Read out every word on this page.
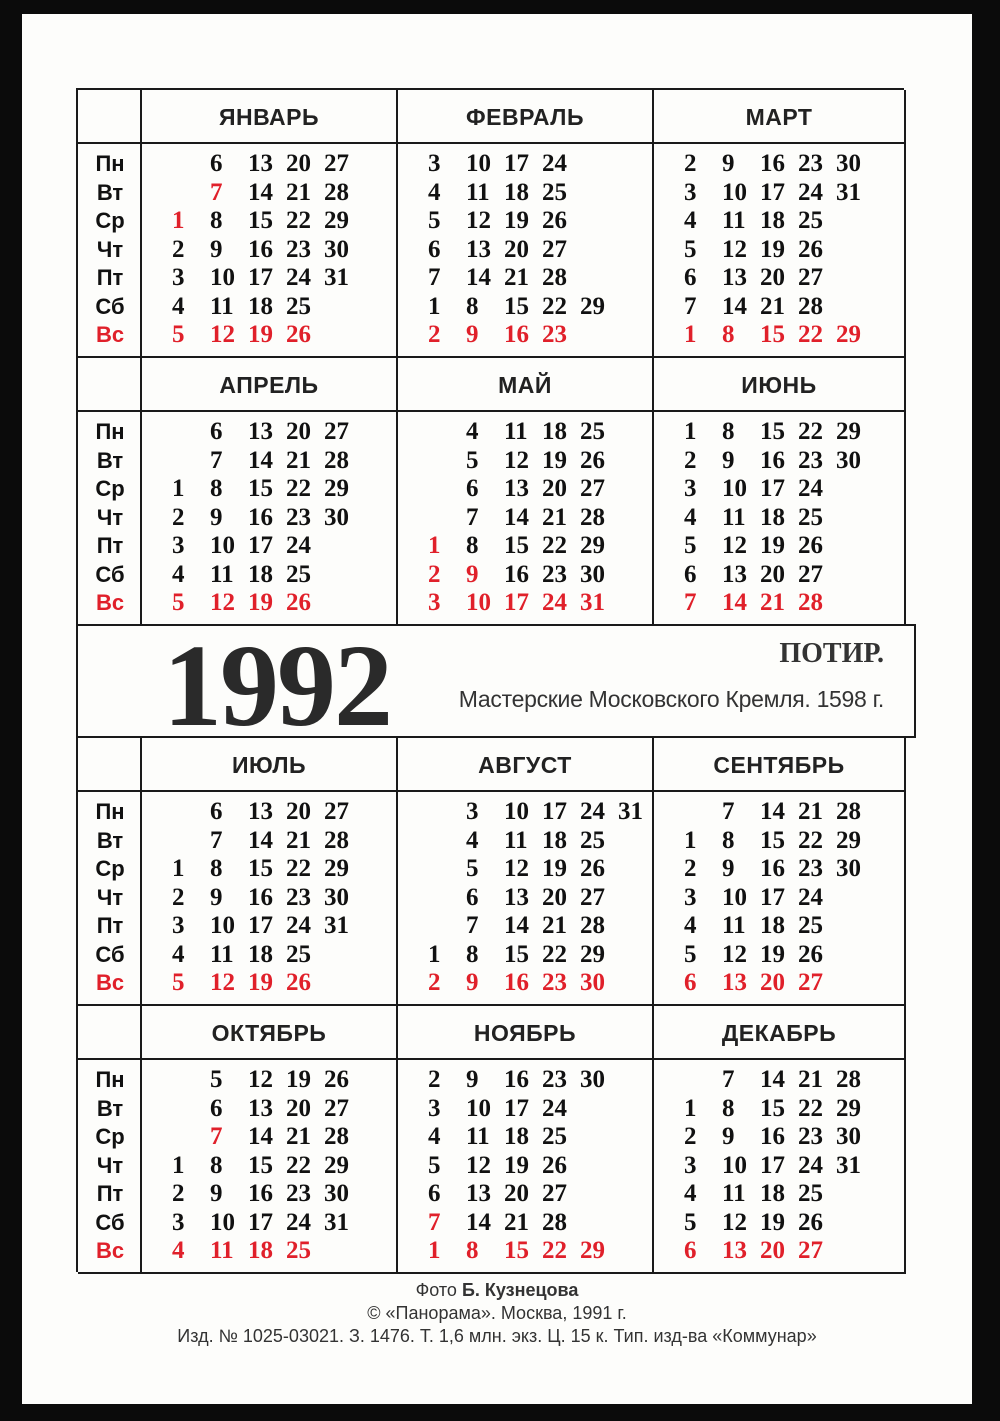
Пн
Вт
Ср
Чт
Пт
Сб
Вс
ЯНВАРЬ
6 13 20 27
7 14 21 28
1 8 15 22 29
2 9 16 23 30
3 10 17 24 31
4 11 18 25
5 12 19 26
ФЕВРАЛЬ
3 10 17 24
4 11 18 25
5 12 19 26
6 13 20 27
7 14 21 28
1 8 15 22 29
2 9 16 23
МАРТ
2 9 16 23 30
3 10 17 24 31
4 11 18 25
5 12 19 26
6 13 20 27
7 14 21 28
1 8 15 22 29
Пн
Вт
Ср
Чт
Пт
Сб
Вс
АПРЕЛЬ
6 13 20 27
7 14 21 28
1 8 15 22 29
2 9 16 23 30
3 10 17 24
4 11 18 25
5 12 19 26
МАЙ
4 11 18 25
5 12 19 26
6 13 20 27
7 14 21 28
1 8 15 22 29
2 9 16 23 30
3 10 17 24 31
ИЮНЬ
1 8 15 22 29
2 9 16 23 30
3 10 17 24
4 11 18 25
5 12 19 26
6 13 20 27
7 14 21 28
Пн
Вт
Ср
Чт
Пт
Сб
Вс
ИЮЛЬ
6 13 20 27
7 14 21 28
1 8 15 22 29
2 9 16 23 30
3 10 17 24 31
4 11 18 25
5 12 19 26
АВГУСТ
3 10 17 24 31
4 11 18 25
5 12 19 26
6 13 20 27
7 14 21 28
1 8 15 22 29
2 9 16 23 30
СЕНТЯБРЬ
7 14 21 28
1 8 15 22 29
2 9 16 23 30
3 10 17 24
4 11 18 25
5 12 19 26
6 13 20 27
Пн
Вт
Ср
Чт
Пт
Сб
Вс
ОКТЯБРЬ
5 12 19 26
6 13 20 27
7 14 21 28
1 8 15 22 29
2 9 16 23 30
3 10 17 24 31
4 11 18 25
НОЯБРЬ
2 9 16 23 30
3 10 17 24
4 11 18 25
5 12 19 26
6 13 20 27
7 14 21 28
1 8 15 22 29
ДЕКАБРЬ
7 14 21 28
1 8 15 22 29
2 9 16 23 30
3 10 17 24 31
4 11 18 25
5 12 19 26
6 13 20 27
1992	ПОТИР.
Мастерские Московского Кремля. 1598 г.
Фото Б. Кузнецова
© «Панорама». Москва, 1991 г.
Изд. № 1025-03021. З. 1476. Т. 1,6 млн. экз. Ц. 15 к. Тип. изд-ва «Коммунар»
